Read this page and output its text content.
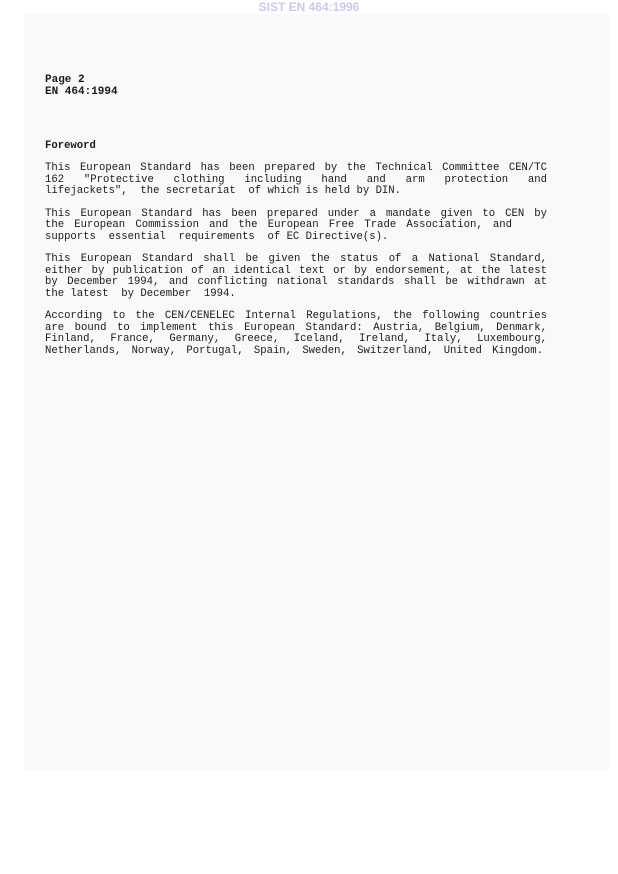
SIST EN 464:1996
Page 2
EN 464:1994
Foreword
This European Standard has been prepared by the Technical Committee CEN/TC
162 "Protective clothing including hand and arm protection and
lifejackets",  the secretariat  of which is held by DIN.
This European Standard has been prepared under a mandate given to CEN by
the European Commission and the European Free Trade Association, and
supports  essential  requirements  of EC Directive(s).
This European Standard shall be given the status of a National Standard,
either by publication of an identical text or by endorsement, at the latest
by December 1994, and conflicting national standards shall be withdrawn at
the latest  by December  1994.
According to the CEN/CENELEC Internal Regulations, the following countries
are bound to implement this European Standard: Austria, Belgium, Denmark,
Finland, France, Germany, Greece, Iceland, Ireland, Italy, Luxembourg,
Netherlands, Norway, Portugal, Spain, Sweden, Switzerland, United Kingdom.
